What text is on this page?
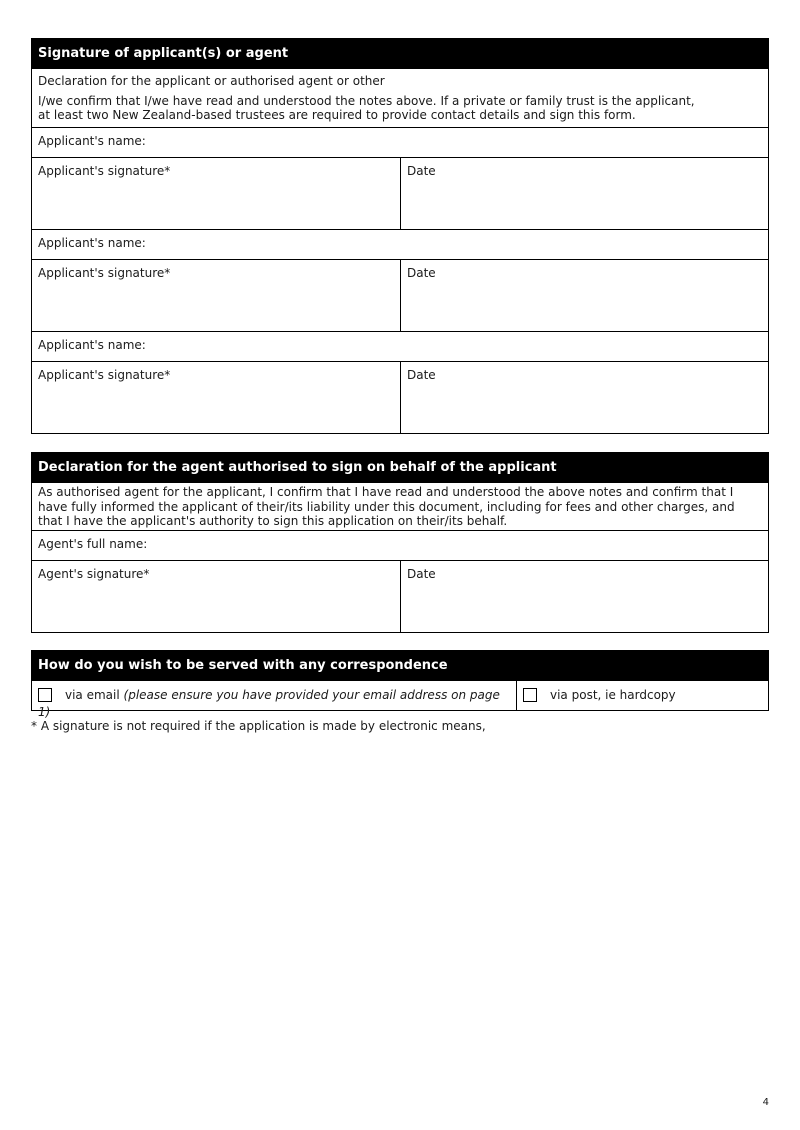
Signature of applicant(s) or agent

Declaration for the applicant or authorised agent or other

I/we confirm that I/we have read and understood the notes above. If a private or family trust is the applicant,
at least two New Zealand-based trustees are required to provide contact details and sign this form.

Applicant's name:
Applicant's signature*	Date
Applicant's name:
Applicant's signature*	Date
Applicant's name:
Applicant's signature*	Date
Declaration for the agent authorised to sign on behalf of the applicant
As authorised agent for the applicant, I confirm that I have read and understood the above notes and confirm that I have fully informed the applicant of their/its liability under this document, including for fees and other charges, and that I have the applicant's authority to sign this application on their/its behalf.
Agent's full name:
Agent's signature*	Date
How do you wish to be served with any correspondence
via email (please ensure you have provided your email address on page 1)
via post, ie hardcopy
* A signature is not required if the application is made by electronic means,
4
